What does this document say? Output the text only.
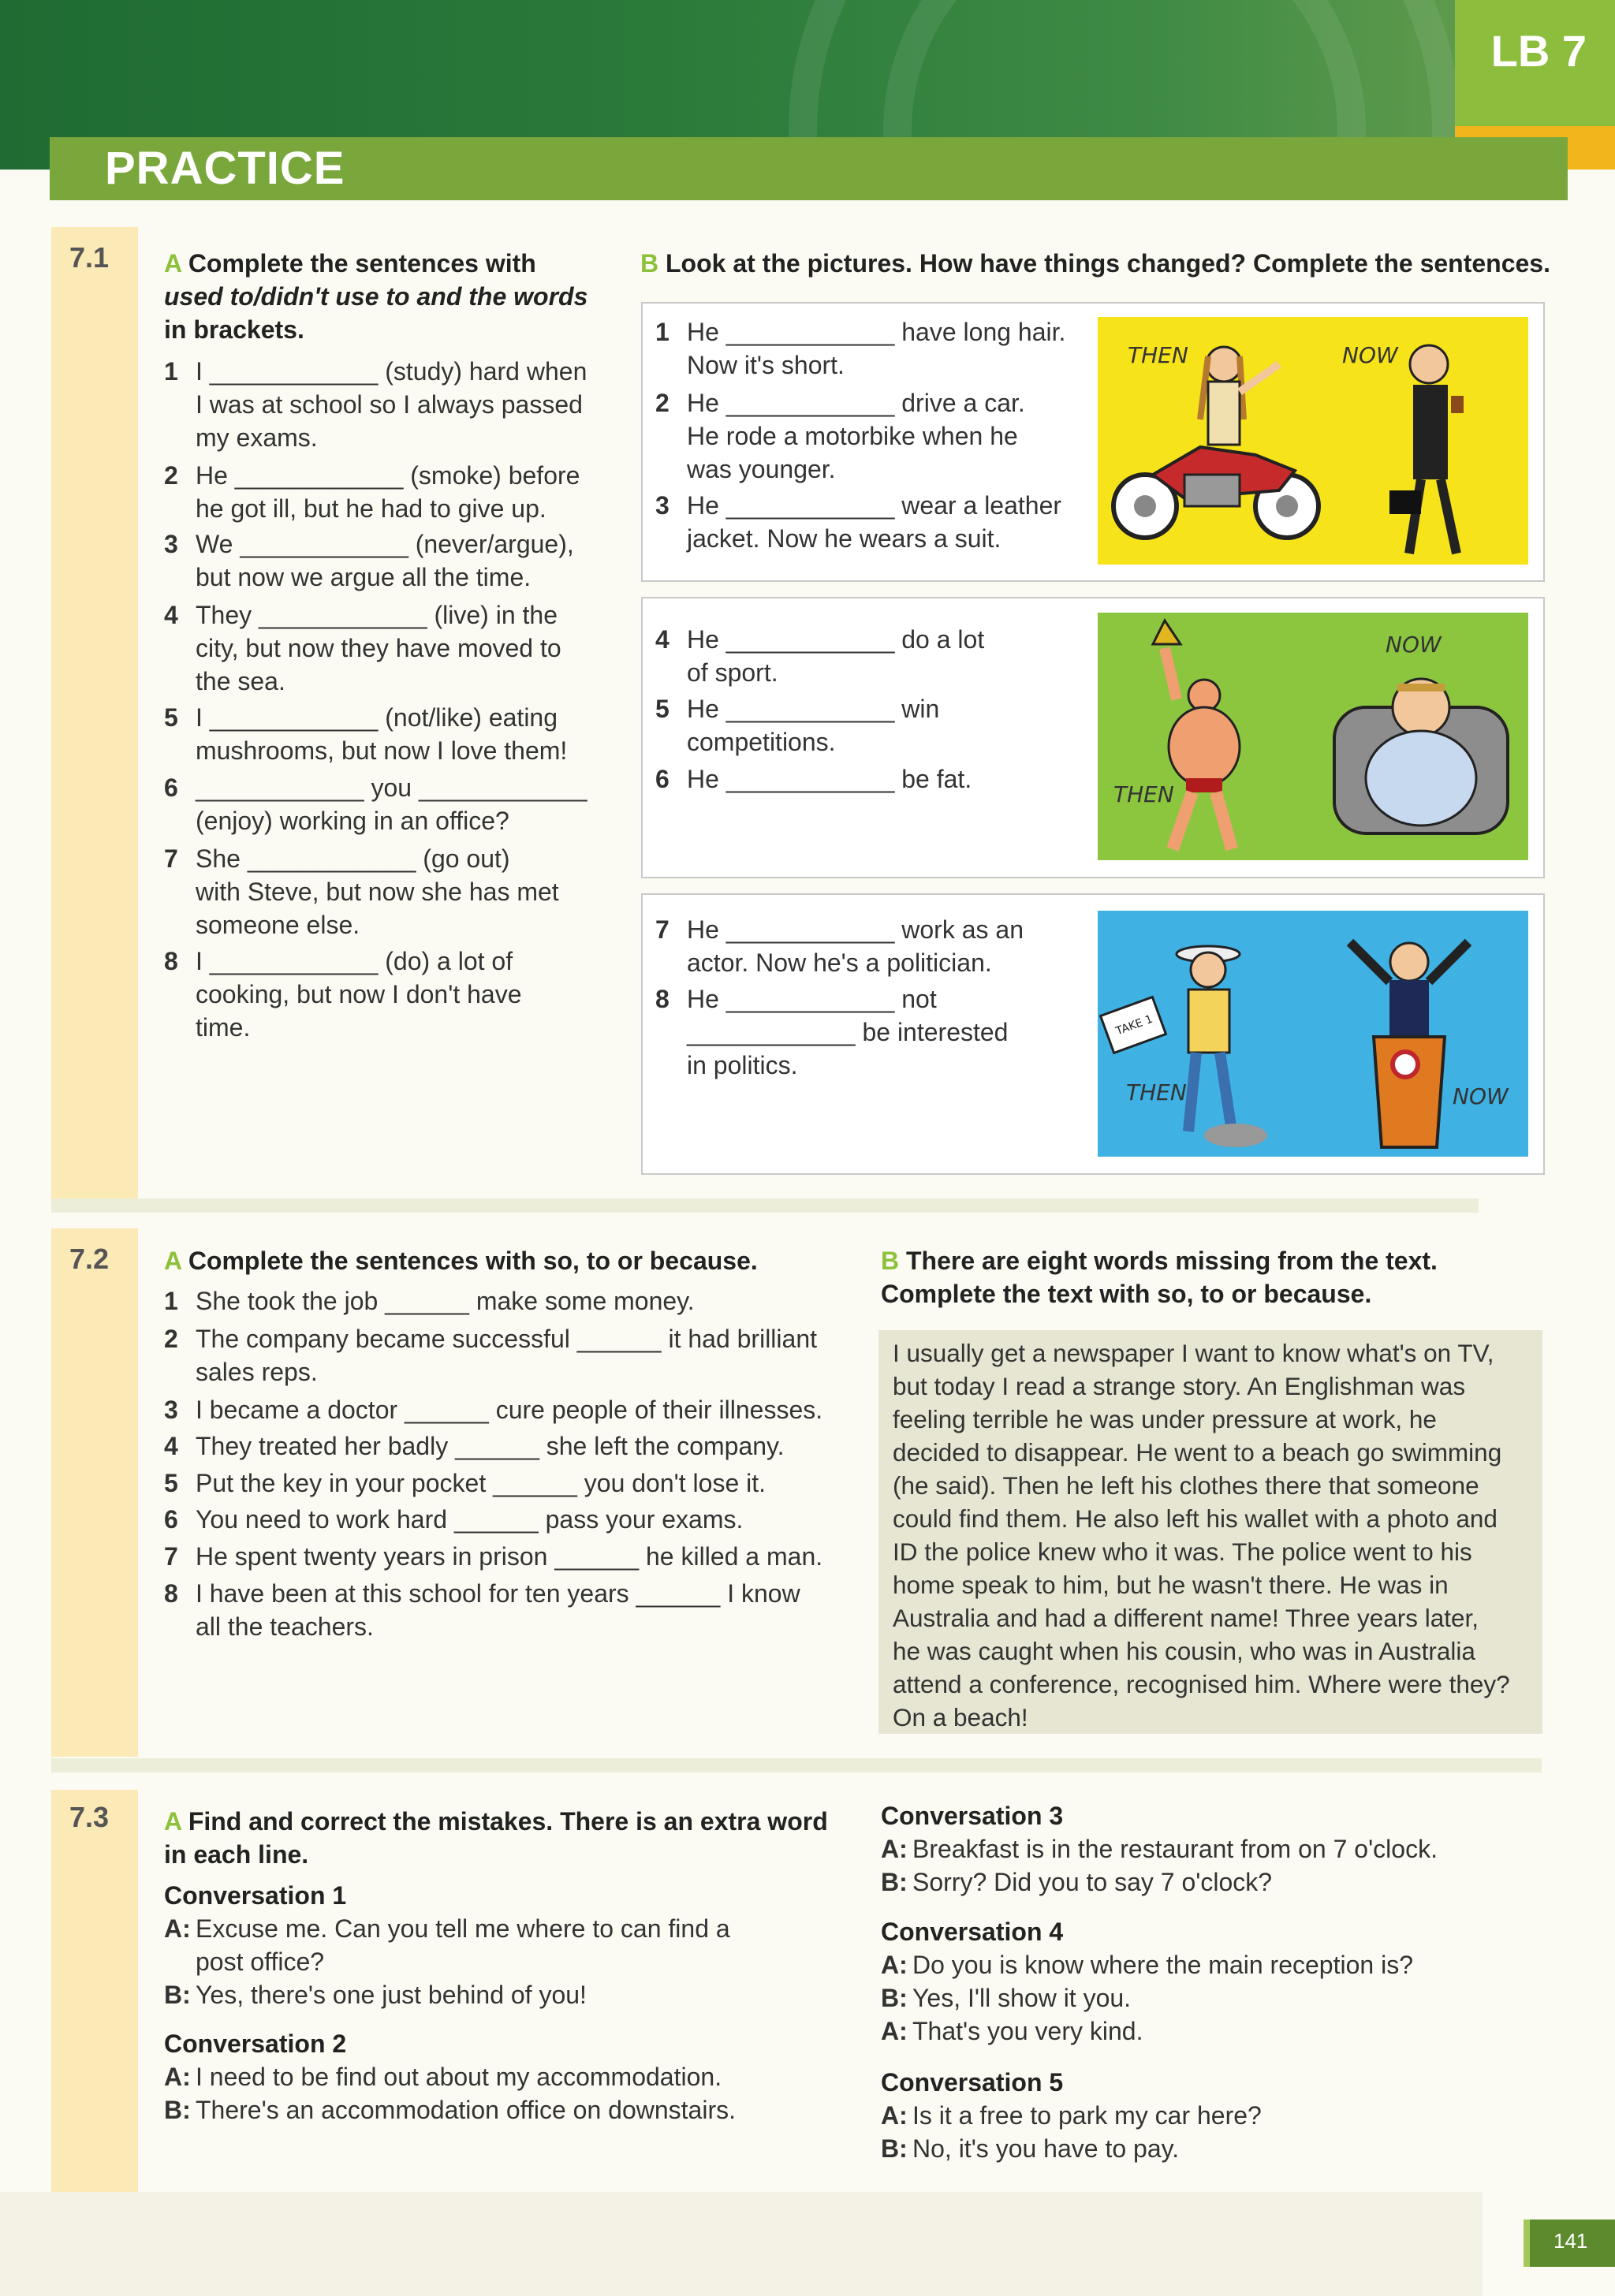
LB 7
PRACTICE
7.1 A Complete the sentences with
used to/didn't use to and the words
in brackets.
1 I ____________ (study) hard when
I was at school so I always passed
my exams.
2 He ____________ (smoke) before
he got ill, but he had to give up.
3 We ____________ (never/argue),
but now we argue all the time.
4 They ____________ (live) in the
city, but now they have moved to
the sea.
5 I ____________ (not/like) eating
mushrooms, but now I love them!
6 ____________ you ____________
(enjoy) working in an office?
7 She ____________ (go out)
with Steve, but now she has met
someone else.
8 I ____________ (do) a lot of
cooking, but now I don't have
time.
B Look at the pictures. How have things changed? Complete the sentences.
1 He ____________ have long hair.
Now it's short.
2 He ____________ drive a car.
He rode a motorbike when he
was younger.
3 He ____________ wear a leather
jacket. Now he wears a suit.
4 He ____________ do a lot
of sport.
5 He ____________ win
competitions.
6 He ____________ be fat.
7 He ____________ work as an
actor. Now he's a politician.
8 He ____________ not
____________ be interested
in politics.
THEN	NOW
THEN
NOW
THEN	NOW
TAKE 1
7.2 A Complete the sentences with so, to or because.
1 She took the job ______ make some money.
2 The company became successful ______ it had brilliant
sales reps.
3 I became a doctor ______ cure people of their illnesses.
4 They treated her badly ______ she left the company.
5 Put the key in your pocket ______ you don't lose it.
6 You need to work hard ______ pass your exams.
7 He spent twenty years in prison ______ he killed a man.
8 I have been at this school for ten years ______ I know
all the teachers.
B There are eight words missing from the text.
Complete the text with so, to or because.

I usually get a newspaper I want to know what's on TV,
but today I read a strange story. An Englishman was
feeling terrible he was under pressure at work, he
decided to disappear. He went to a beach go swimming
(he said). Then he left his clothes there that someone
could find them. He also left his wallet with a photo and
ID the police knew who it was. The police went to his
home speak to him, but he wasn't there. He was in
Australia and had a different name! Three years later,
he was caught when his cousin, who was in Australia
attend a conference, recognised him. Where were they?
On a beach!

7.3 A Find and correct the mistakes. There is an extra word
in each line.
Conversation 1
A: Excuse me. Can you tell me where to can find a
post office?
B: Yes, there's one just behind of you!
Conversation 2
A: I need to be find out about my accommodation.
B: There's an accommodation office on downstairs.
Conversation 3
A: Breakfast is in the restaurant from on 7 o'clock.
B: Sorry? Did you to say 7 o'clock?
Conversation 4
A: Do you is know where the main reception is?
B: Yes, I'll show it you.
A: That's you very kind.
Conversation 5
A: Is it a free to park my car here?
B: No, it's you have to pay.
141
